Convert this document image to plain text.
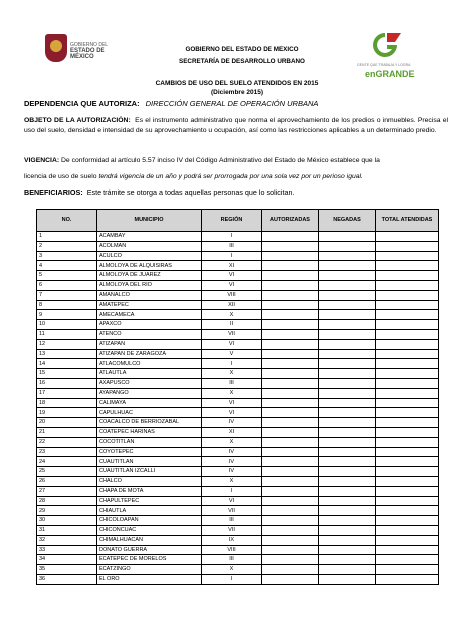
GOBIERNO DEL
ESTADO DE MÉXICO
GOBIERNO DEL ESTADO DE MEXICO
SECRETARÍA DE DESARROLLO URBANO	GENTE QUE TRABAJA Y LOGRA
enGRANDE
CAMBIOS DE USO DEL SUELO ATENDIDOS EN 2015
(Diciembre 2015)
DEPENDENCIA QUE AUTORIZA: DIRECCIÓN GENERAL DE OPERACIÓN URBANA
OBJETO DE LA AUTORIZACIÓN: Es el instrumento administrativo que norma el aprovechamiento de los predios o inmuebles. Precisa el uso del suelo, densidad e intensidad de su aprovechamiento u ocupación, así como las restricciones aplicables a un determinado predio.
VIGENCIA: De conformidad al artículo 5.57 inciso IV del Código Administrativo del Estado de México establece que la
licencia de uso de suelo tendrá vigencia de un año y podrá ser prorrogada por una sola vez por un perioso igual.
BENEFICIARIOS: Este trámite se otorga a todas aquellas personas que lo solicitan.
NO.	MUNICIPIO	REGIÓN	AUTORIZADAS	NEGADAS	TOTAL ATENDIDAS
1	ACAMBAY	I			
2	ACOLMAN	III			
3	ACULCO	I			
4	ALMOLOYA DE ALQUISIRAS	XI			
5	ALMOLOYA DE JUAREZ	VI			
6	ALMOLOYA DEL RIO	VI			
7	AMANALCO	VIII			
8	AMATEPEC	XII			
9	AMECAMECA	X			
10	APAXCO	II			
11	ATENCO	VII			
12	ATIZAPAN	VI			
13	ATIZAPAN DE ZARAGOZA	V			
14	ATLACOMULCO	I			
15	ATLAUTLA	X			
16	AXAPUSCO	III			
17	AYAPANGO	X			
18	CALIMAYA	VI			
19	CAPULHUAC	VI			
20	COACALCO DE BERRIOZABAL	IV			
21	COATEPEC HARINAS	XI			
22	COCOTITLAN	X			
23	COYOTEPEC	IV			
24	CUAUTITLAN	IV			
25	CUAUTITLAN IZCALLI	IV			
26	CHALCO	X			
27	CHAPA DE MOTA	I			
28	CHAPULTEPEC	VI			
29	CHIAUTLA	VII			
30	CHICOLOAPAN	III			
31	CHICONCUAC	VII			
32	CHIMALHUACAN	IX			
33	DONATO GUERRA	VIII			
34	ECATEPEC DE MORELOS	III			
35	ECATZINGO	X			
36	EL ORO	I			
